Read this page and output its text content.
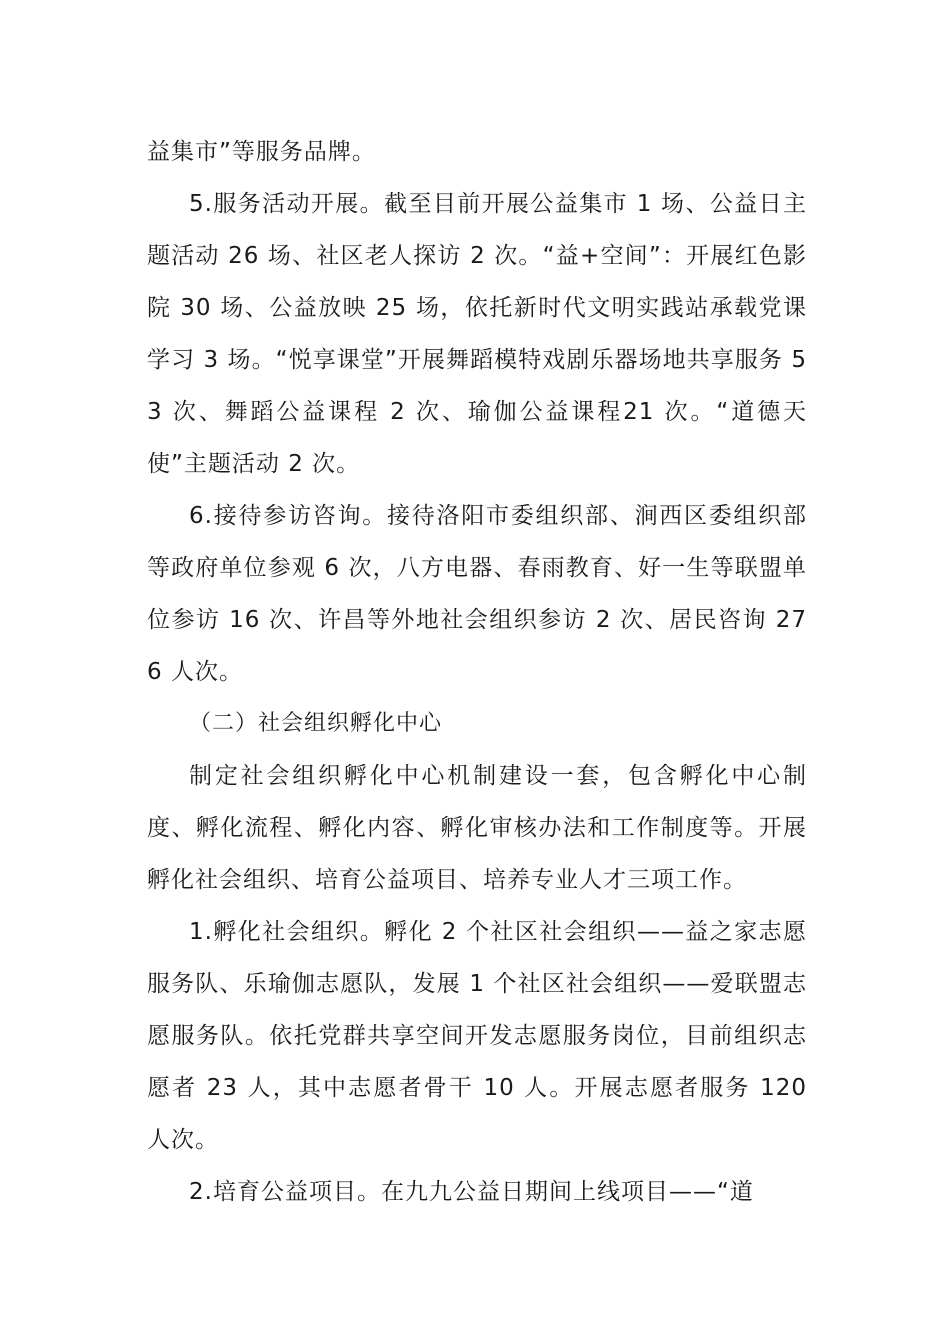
益集市”等服务品牌。

5.服务活动开展。截至目前开展公益集市 1 场、公益日主题活动 26 场、社区老人探访 2 次。“益+空间”：开展红色影院 30 场、公益放映 25 场，依托新时代文明实践站承载党课学习 3 场。“悦享课堂”开展舞蹈模特戏剧乐器场地共享服务 53 次、舞蹈公益课程 2 次、瑜伽公益课程21 次。“道德天使”主题活动 2 次。

6.接待参访咨询。接待洛阳市委组织部、涧西区委组织部等政府单位参观 6 次，八方电器、春雨教育、好一生等联盟单位参访 16 次、许昌等外地社会组织参访 2 次、居民咨询 276 人次。

（二）社会组织孵化中心

制定社会组织孵化中心机制建设一套，包含孵化中心制度、孵化流程、孵化内容、孵化审核办法和工作制度等。开展孵化社会组织、培育公益项目、培养专业人才三项工作。

1.孵化社会组织。孵化 2 个社区社会组织——益之家志愿服务队、乐瑜伽志愿队，发展 1 个社区社会组织——爱联盟志愿服务队。依托党群共享空间开发志愿服务岗位，目前组织志愿者 23 人，其中志愿者骨干 10 人。开展志愿者服务 120 人次。

2.培育公益项目。在九九公益日期间上线项目——“道
